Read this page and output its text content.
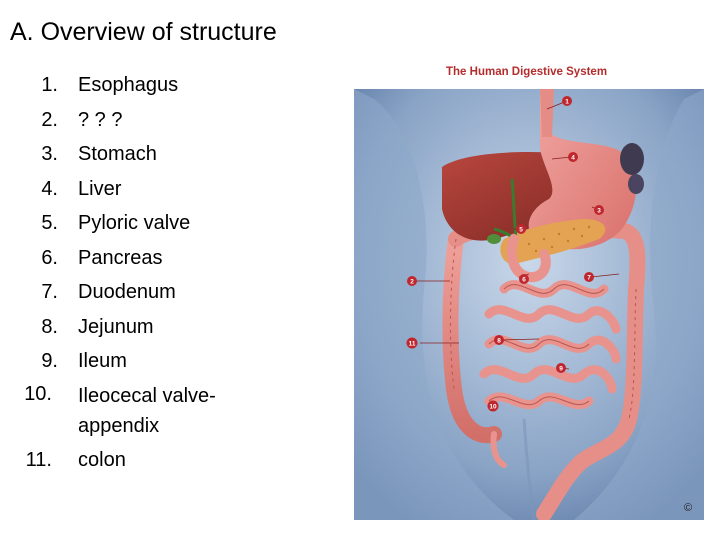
A. Overview of structure
1.	Esophagus
2.	? ? ?
3.	Stomach
4.	Liver
5.	Pyloric valve
6.	Pancreas
7.	Duodenum
8.	Jejunum
9.	Ileum
10. Ileocecal valve-
appendix
11. colon
The Human Digestive System
1
4
3
5
6	7
2
11	8
9
10
©
